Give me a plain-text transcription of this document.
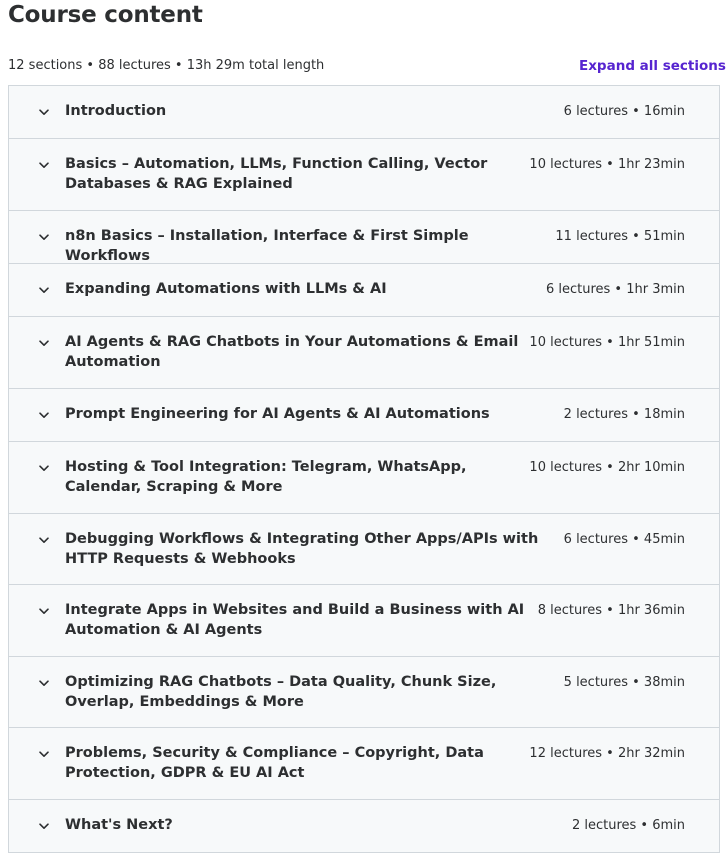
Course content
12 sections • 88 lectures • 13h 29m total length	Expand all sections
Introduction	6 lectures • 16min
Basics – Automation, LLMs, Function Calling, Vector Databases & RAG Explained
10 lectures • 1hr 23min
n8n Basics – Installation, Interface & First Simple Workflows
11 lectures • 51min
Expanding Automations with LLMs & AI	6 lectures • 1hr 3min
AI Agents & RAG Chatbots in Your Automations & Email Automation
10 lectures • 1hr 51min
Prompt Engineering for AI Agents & AI Automations	2 lectures • 18min
Hosting & Tool Integration: Telegram, WhatsApp, Calendar, Scraping & More
10 lectures • 2hr 10min
Debugging Workflows & Integrating Other Apps/APIs with HTTP Requests & Webhooks
6 lectures • 45min
Integrate Apps in Websites and Build a Business with AI Automation & AI Agents
8 lectures • 1hr 36min
Optimizing RAG Chatbots – Data Quality, Chunk Size, Overlap, Embeddings & More
5 lectures • 38min
Problems, Security & Compliance – Copyright, Data Protection, GDPR & EU AI Act
12 lectures • 2hr 32min
What's Next?	2 lectures • 6min
